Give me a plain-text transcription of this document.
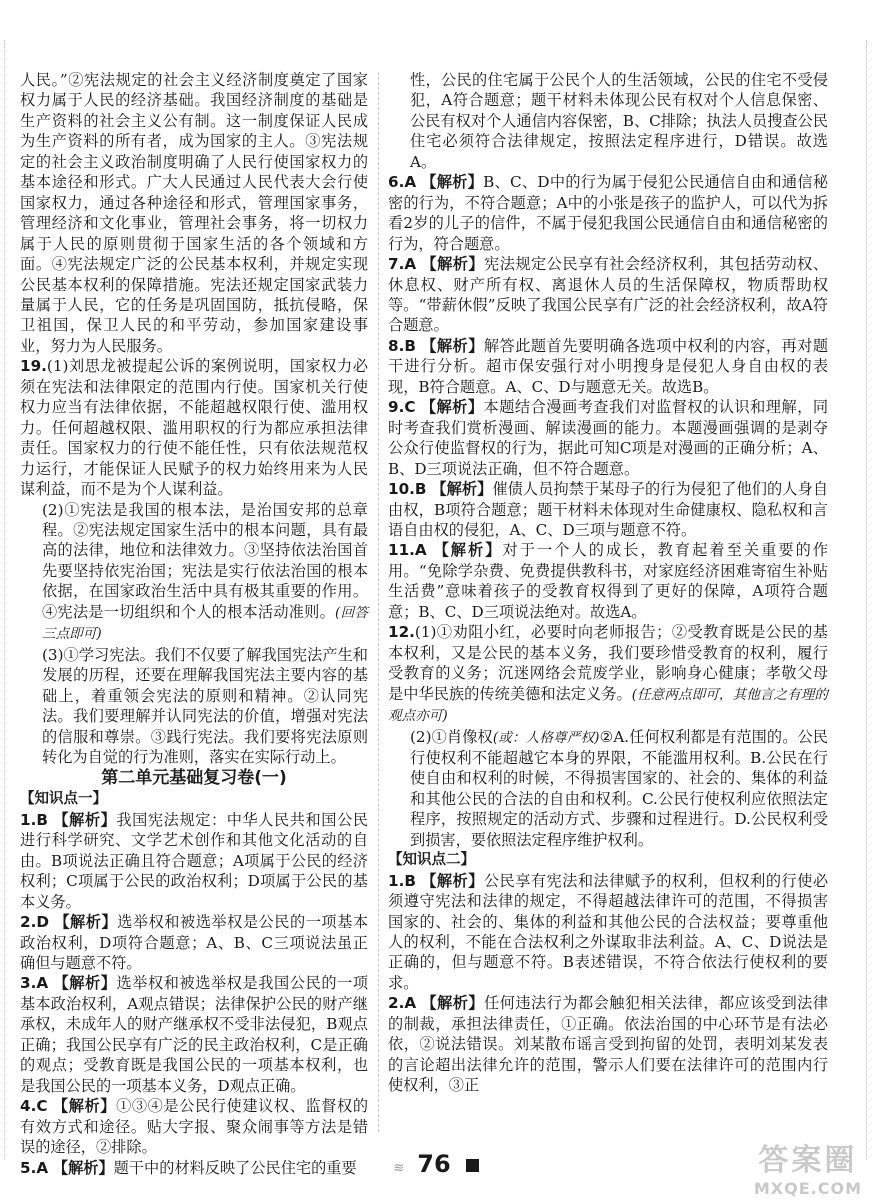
人民。”②宪法规定的社会主义经济制度奠定了国家权力属于人民的经济基础。我国经济制度的基础是生产资料的社会主义公有制。这一制度保证人民成为生产资料的所有者，成为国家的主人。③宪法规定的社会主义政治制度明确了人民行使国家权力的基本途径和形式。广大人民通过人民代表大会行使国家权力，通过各种途径和形式，管理国家事务，管理经济和文化事业，管理社会事务，将一切权力属于人民的原则贯彻于国家生活的各个领域和方面。④宪法规定广泛的公民基本权利，并规定实现公民基本权利的保障措施。宪法还规定国家武装力量属于人民，它的任务是巩固国防，抵抗侵略，保卫祖国，保卫人民的和平劳动，参加国家建设事业，努力为人民服务。

19.(1)刘思龙被提起公诉的案例说明，国家权力必须在宪法和法律限定的范围内行使。国家机关行使权力应当有法律依据，不能超越权限行使、滥用权力。任何超越权限、滥用职权的行为都应承担法律责任。国家权力的行使不能任性，只有依法规范权力运行，才能保证人民赋予的权力始终用来为人民谋利益，而不是为个人谋利益。

(2)①宪法是我国的根本法，是治国安邦的总章程。②宪法规定国家生活中的根本问题，具有最高的法律，地位和法律效力。③坚持依法治国首先要坚持依宪治国；宪法是实行依法治国的根本依据，在国家政治生活中具有极其重要的作用。④宪法是一切组织和个人的根本活动准则。(回答三点即可)

(3)①学习宪法。我们不仅要了解我国宪法产生和发展的历程，还要在理解我国宪法主要内容的基础上，着重领会宪法的原则和精神。②认同宪法。我们要理解并认同宪法的价值，增强对宪法的信服和尊崇。③践行宪法。我们要将宪法原则转化为自觉的行为准则，落实在实际行动上。

第二单元基础复习卷(一)

【知识点一】

1.B 【解析】我国宪法规定：中华人民共和国公民进行科学研究、文学艺术创作和其他文化活动的自由。B项说法正确且符合题意；A项属于公民的经济权利；C项属于公民的政治权利；D项属于公民的基本义务。

2.D 【解析】选举权和被选举权是公民的一项基本政治权利，D项符合题意；A、B、C三项说法虽正确但与题意不符。

3.A 【解析】选举权和被选举权是我国公民的一项基本政治权利，A观点错误；法律保护公民的财产继承权，未成年人的财产继承权不受非法侵犯，B观点正确；我国公民享有广泛的民主政治权利，C是正确的观点；受教育既是我国公民的一项基本权利，也是我国公民的一项基本义务，D观点正确。

4.C 【解析】①③④是公民行使建议权、监督权的有效方式和途径。贴大字报、聚众闹事等方法是错误的途径，②排除。

5.A 【解析】题干中的材料反映了公民住宅的重要

性，公民的住宅属于公民个人的生活领域，公民的住宅不受侵犯，A符合题意；题干材料未体现公民有权对个人信息保密、公民有权对个人通信内容保密，B、C排除；执法人员搜查公民住宅必须符合法律规定，按照法定程序进行，D错误。故选A。

6.A 【解析】B、C、D中的行为属于侵犯公民通信自由和通信秘密的行为，不符合题意；A中的小张是孩子的监护人，可以代为拆看2岁的儿子的信件，不属于侵犯我国公民通信自由和通信秘密的行为，符合题意。

7.A 【解析】宪法规定公民享有社会经济权利，其包括劳动权、休息权、财产所有权、离退休人员的生活保障权，物质帮助权等。“带薪休假”反映了我国公民享有广泛的社会经济权利，故A符合题意。

8.B 【解析】解答此题首先要明确各选项中权利的内容，再对题干进行分析。超市保安强行对小明搜身是侵犯人身自由权的表现，B符合题意。A、C、D与题意无关。故选B。

9.C 【解析】本题结合漫画考查我们对监督权的认识和理解，同时考查我们赏析漫画、解读漫画的能力。本题漫画强调的是剥夺公众行使监督权的行为，据此可知C项是对漫画的正确分析；A、B、D三项说法正确，但不符合题意。

10.B 【解析】催债人员拘禁于某母子的行为侵犯了他们的人身自由权，B项符合题意；题干材料未体现对生命健康权、隐私权和言语自由权的侵犯，A、C、D三项与题意不符。

11.A 【解析】对于一个人的成长，教育起着至关重要的作用。“免除学杂费、免费提供教科书，对家庭经济困难寄宿生补贴生活费”意味着孩子的受教育权得到了更好的保障，A项符合题意；B、C、D三项说法绝对。故选A。

12.(1)①劝阻小红，必要时向老师报告；②受教育既是公民的基本权利，又是公民的基本义务，我们要珍惜受教育的权利，履行受教育的义务；沉迷网络会荒废学业，影响身心健康；孝敬父母是中华民族的传统美德和法定义务。(任意两点即可，其他言之有理的观点亦可)

(2)①肖像权(或：人格尊严权)②A.任何权利都是有范围的。公民行使权利不能超越它本身的界限，不能滥用权利。B.公民在行使自由和权利的时候，不得损害国家的、社会的、集体的利益和其他公民的合法的自由和权利。C.公民行使权利应依照法定程序，按照规定的活动方式、步骤和过程进行。D.公民权利受到损害，要依照法定程序维护权利。

【知识点二】

1.B 【解析】公民享有宪法和法律赋予的权利，但权利的行使必须遵守宪法和法律的规定，不得超越法律许可的范围，不得损害国家的、社会的、集体的利益和其他公民的合法权益；要尊重他人的权利，不能在合法权利之外谋取非法利益。A、C、D说法是正确的，但与题意不符。B表述错误，不符合依法行使权利的要求。

2.A 【解析】任何违法行为都会触犯相关法律，都应该受到法律的制裁，承担法律责任，①正确。依法治国的中心环节是有法必依，②说法错误。刘某散布谣言受到拘留的处罚，表明刘某发表的言论超出法律允许的范围，警示人们要在法律许可的范围内行使权利，③正

≋ 76	答案圈
MXQE.COM
